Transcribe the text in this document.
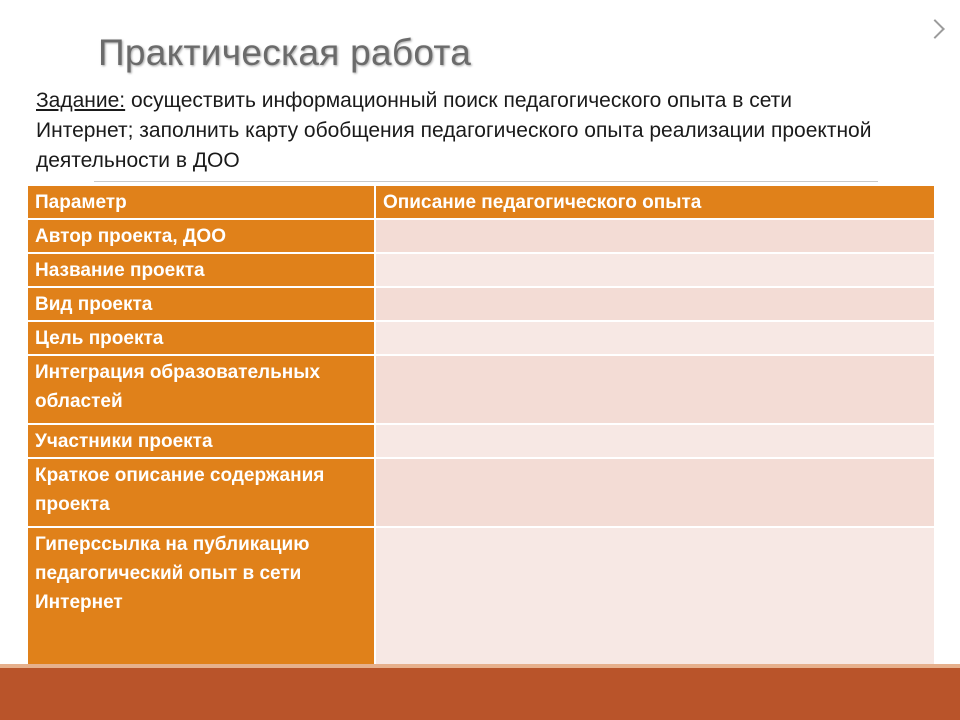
Практическая работа
Задание: осуществить информационный поиск педагогического опыта в сети Интернет; заполнить карту обобщения педагогического опыта реализации проектной деятельности в ДОО
Параметр	Описание педагогического опыта
Автор проекта, ДОО	
Название проекта	
Вид проекта	
Цель проекта	
Интеграция образовательных областей	
Участники проекта	
Краткое описание содержания проекта	
Гиперссылка на публикацию педагогический опыт в сети Интернет	
